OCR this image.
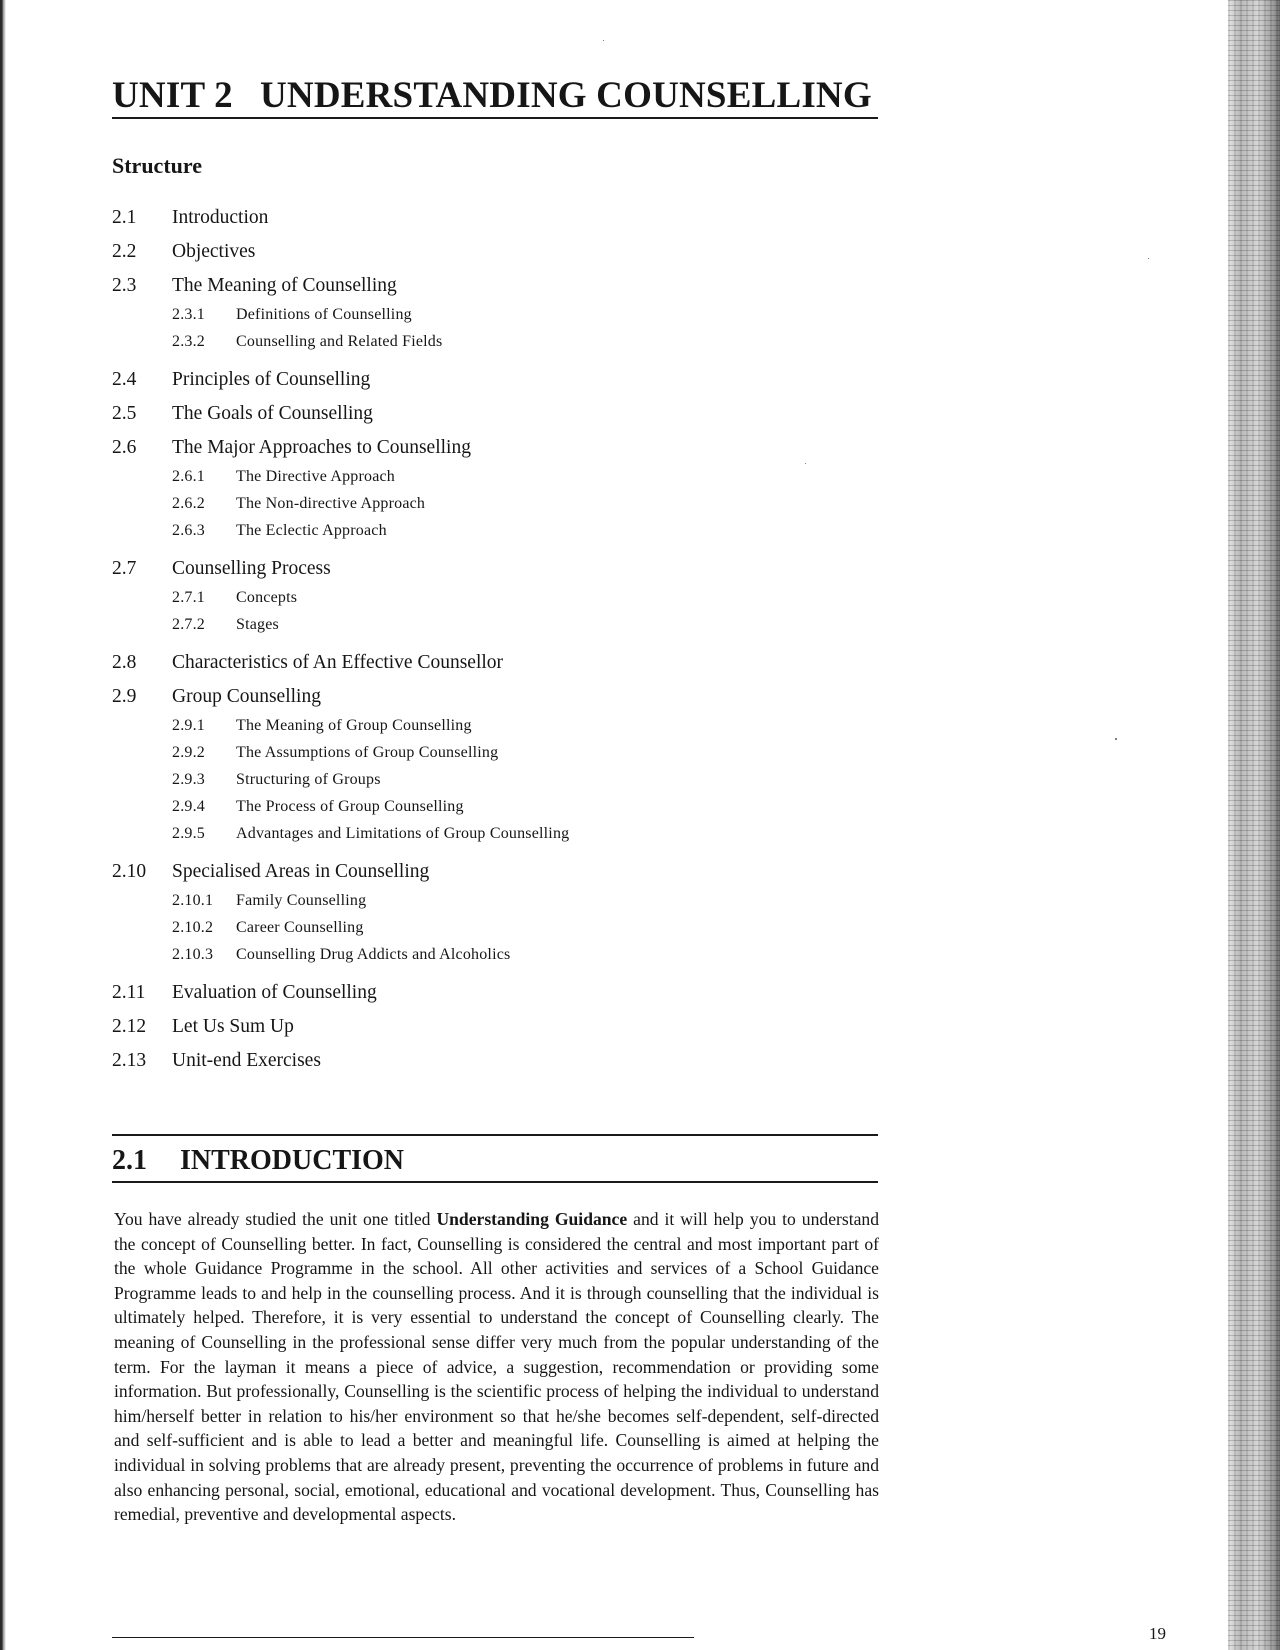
UNIT 2 UNDERSTANDING COUNSELLING
Structure
2.1	Introduction
2.2	Objectives
2.3	The Meaning of Counselling
2.3.1	Definitions of Counselling
2.3.2	Counselling and Related Fields
2.4	Principles of Counselling
2.5	The Goals of Counselling
2.6	The Major Approaches to Counselling
2.6.1	The Directive Approach
2.6.2	The Non-directive Approach
2.6.3	The Eclectic Approach
2.7	Counselling Process
2.7.1	Concepts
2.7.2	Stages
2.8	Characteristics of An Effective Counsellor
2.9	Group Counselling
2.9.1	The Meaning of Group Counselling
2.9.2	The Assumptions of Group Counselling
2.9.3	Structuring of Groups
2.9.4	The Process of Group Counselling
2.9.5	Advantages and Limitations of Group Counselling
2.10	Specialised Areas in Counselling
2.10.1	Family Counselling
2.10.2	Career Counselling
2.10.3	Counselling Drug Addicts and Alcoholics
2.11	Evaluation of Counselling
2.12	Let Us Sum Up
2.13	Unit-end Exercises
2.1 INTRODUCTION

You have already studied the unit one titled Understanding Guidance and it will help you to understand the concept of Counselling better. In fact, Counselling is considered the central and most important part of the whole Guidance Programme in the school. All other activities and services of a School Guidance Programme leads to and help in the counselling process. And it is through counselling that the individual is ultimately helped. Therefore, it is very essential to understand the concept of Counselling clearly. The meaning of Counselling in the professional sense differ very much from the popular understanding of the term. For the layman it means a piece of advice, a suggestion, recommendation or providing some information. But professionally, Counselling is the scientific process of helping the individual to understand him/herself better in relation to his/her environment so that he/she becomes self-dependent, self-directed and self-sufficient and is able to lead a better and meaningful life. Counselling is aimed at helping the individual in solving problems that are already present, preventing the occurrence of problems in future and also enhancing personal, social, emotional, educational and vocational development. Thus, Counselling has remedial, preventive and developmental aspects.

19
